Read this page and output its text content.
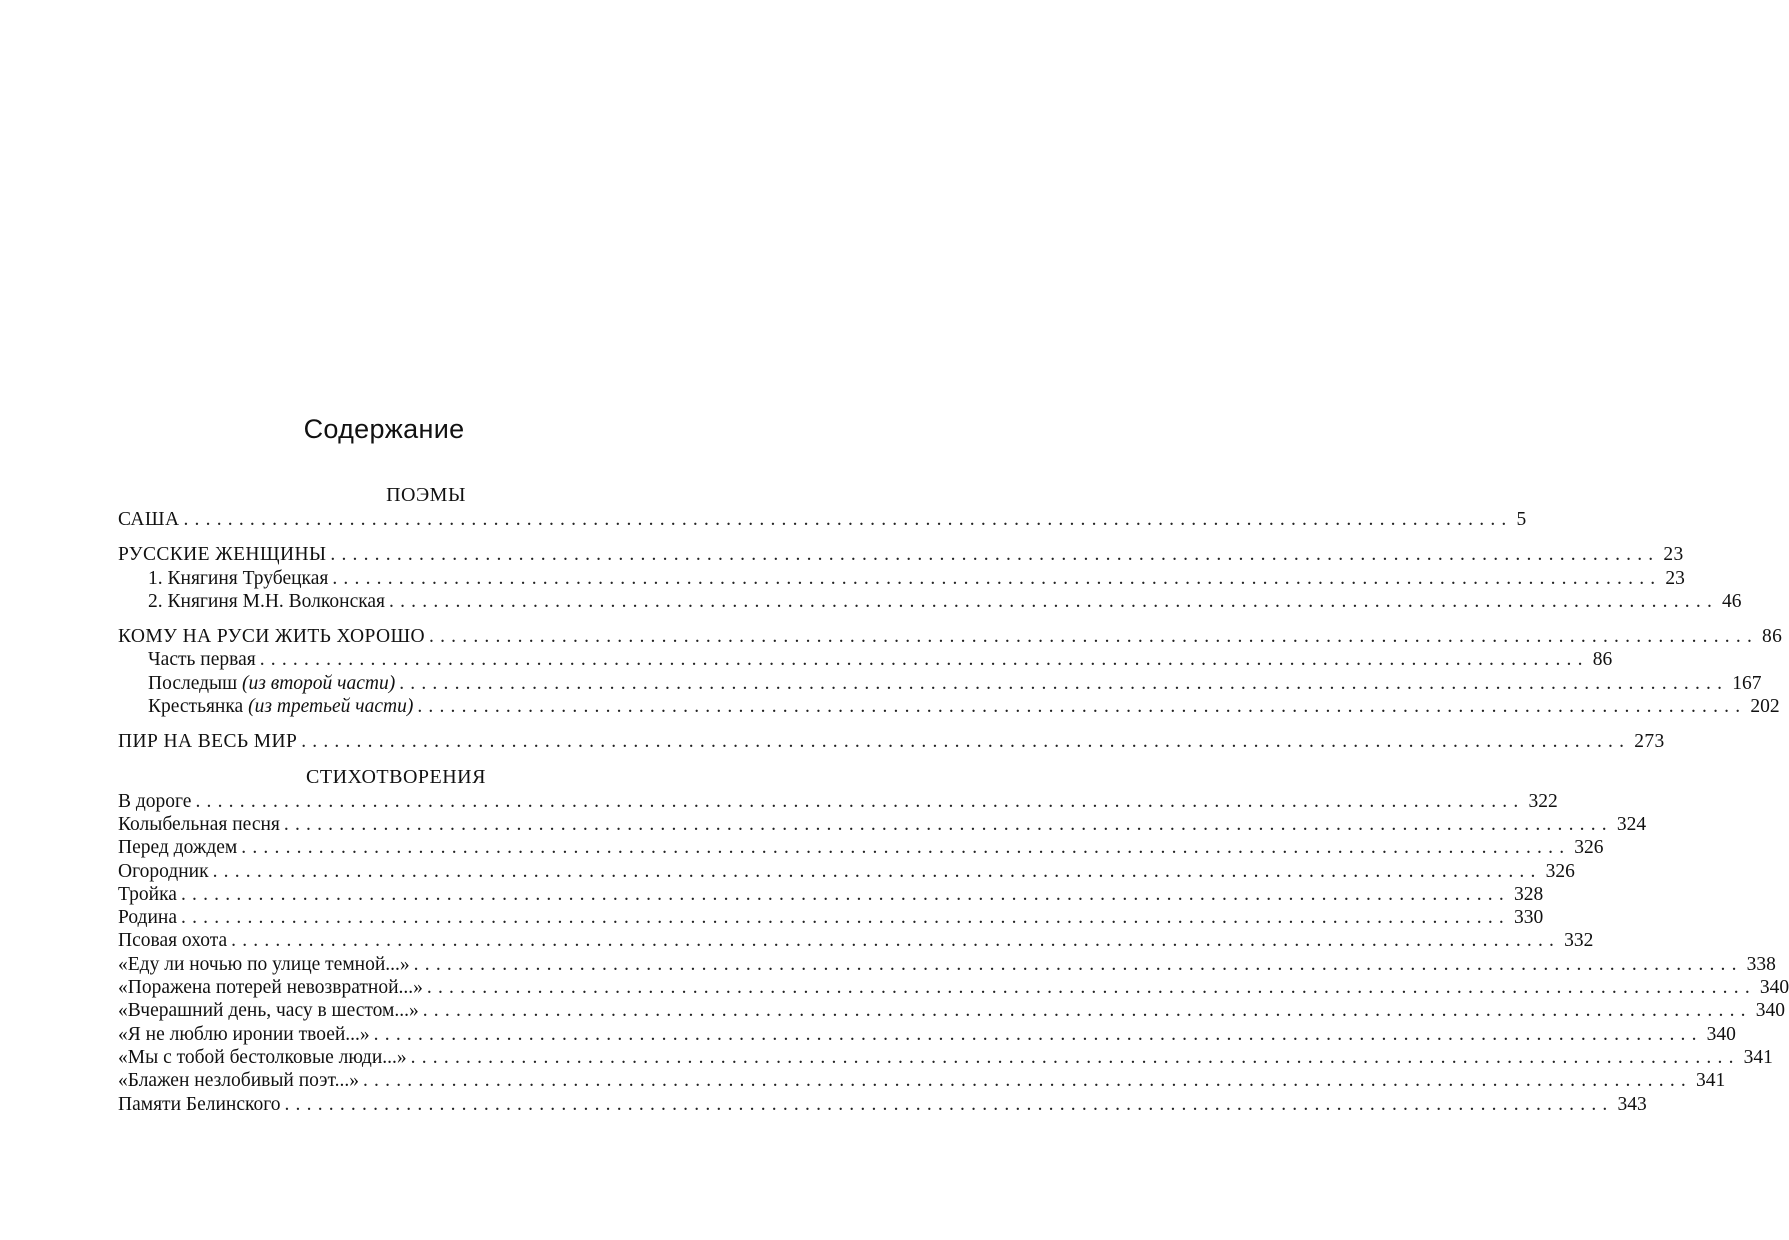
Содержание
ПОЭМЫ
САША ........................................................................................................................ 5
РУССКИЕ ЖЕНЩИНЫ ........................................................................................................................ 23
1. Княгиня Трубецкая ........................................................................................................................ 23
2. Княгиня М.Н. Волконская ........................................................................................................................ 46
КОМУ НА РУСИ ЖИТЬ ХОРОШО ........................................................................................................................ 86
Часть первая ........................................................................................................................ 86
Последыш (из второй части) ........................................................................................................................ 167
Крестьянка (из третьей части) ........................................................................................................................ 202
ПИР НА ВЕСЬ МИР ........................................................................................................................ 273
СТИХОТВОРЕНИЯ
В дороге ........................................................................................................................ 322
Колыбельная песня ........................................................................................................................ 324
Перед дождем ........................................................................................................................ 326
Огородник ........................................................................................................................ 326
Тройка ........................................................................................................................ 328
Родина ........................................................................................................................ 330
Псовая охота ........................................................................................................................ 332
«Еду ли ночью по улице темной...» ........................................................................................................................ 338
«Поражена потерей невозвратной...» ........................................................................................................................ 340
«Вчерашний день, часу в шестом...» ........................................................................................................................ 340
«Я не люблю иронии твоей...» ........................................................................................................................ 340
«Мы с тобой бестолковые люди...» ........................................................................................................................ 341
«Блажен незлобивый поэт...» ........................................................................................................................ 341
Памяти Белинского ........................................................................................................................ 343
